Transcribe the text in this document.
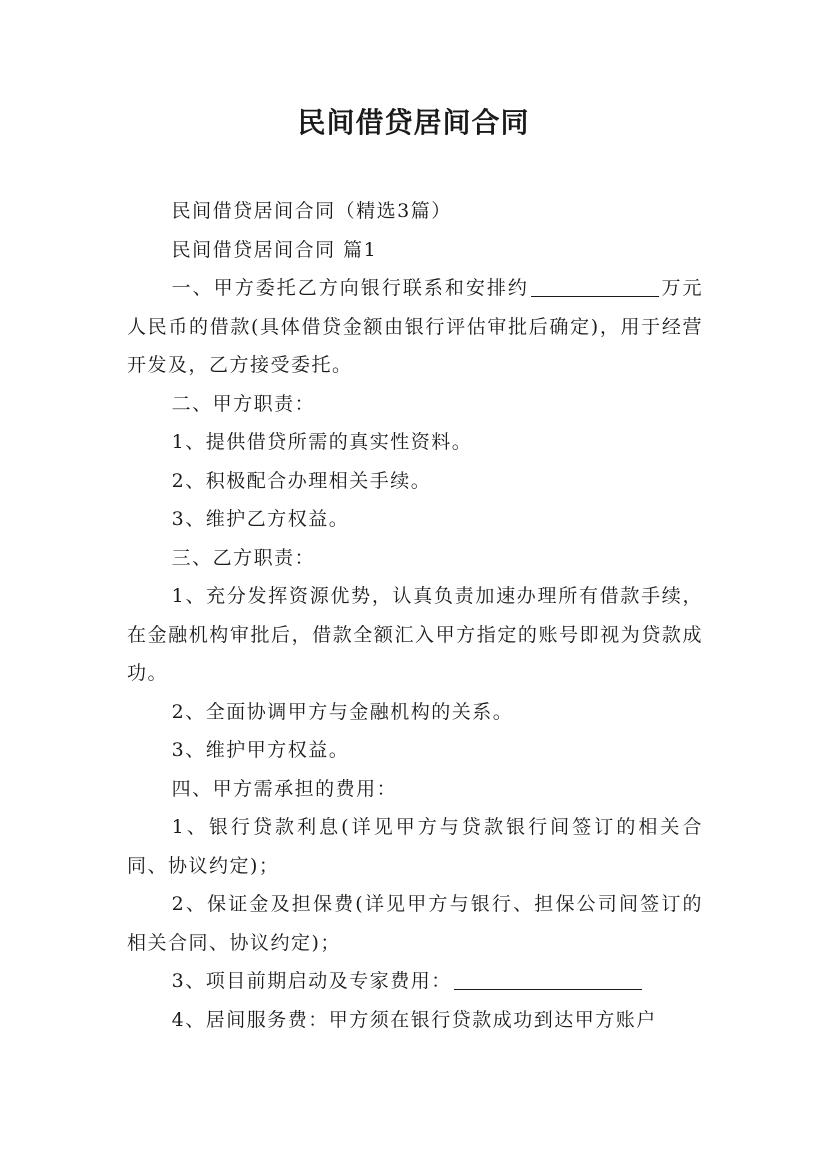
民间借贷居间合同

民间借贷居间合同（精选3篇）

民间借贷居间合同 篇1

一、甲方委托乙方向银行联系和安排约	万元人民币的借款(具体借贷金额由银行评估审批后确定)，用于经营开发及，乙方接受委托。

二、甲方职责：

1、提供借贷所需的真实性资料。

2、积极配合办理相关手续。

3、维护乙方权益。

三、乙方职责：

1、充分发挥资源优势，认真负责加速办理所有借款手续，在金融机构审批后，借款全额汇入甲方指定的账号即视为贷款成功。

2、全面协调甲方与金融机构的关系。

3、维护甲方权益。

四、甲方需承担的费用：

1、银行贷款利息(详见甲方与贷款银行间签订的相关合同、协议约定)；

2、保证金及担保费(详见甲方与银行、担保公司间签订的相关合同、协议约定)；

3、项目前期启动及专家费用：

4、居间服务费：甲方须在银行贷款成功到达甲方账户
